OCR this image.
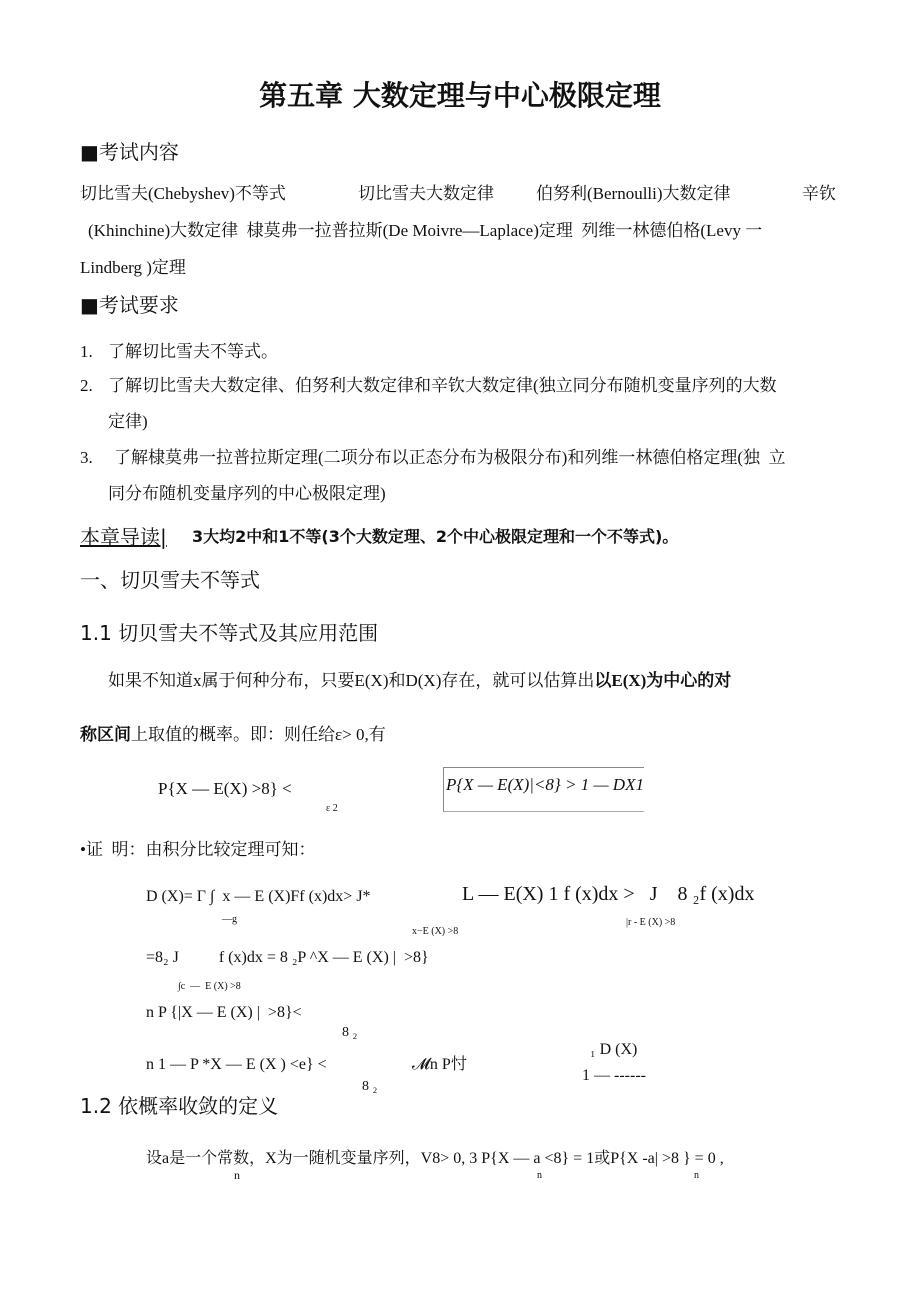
第五章 大数定理与中心极限定理
■考试内容
切比雪夫(Chebyshev)不等式	切比雪夫大数定律 伯努利(Bernoulli)大数定律	辛钦
(Khinchine)大数定律  棣莫弗一拉普拉斯(De Moivre—Laplace)定理  列维一林德伯格(Levy 一
Lindberg )定理
■考试要求
1. 了解切比雪夫不等式。
2. 了解切比雪夫大数定律、伯努利大数定律和辛钦大数定律(独立同分布随机变量序列的大数
定律)
3. 了解棣莫弗一拉普拉斯定理(二项分布以正态分布为极限分布)和列维一林德伯格定理(独  立
同分布随机变量序列的中心极限定理)
本章导读| 3大均2中和1不等(3个大数定理、2个中心极限定理和一个不等式)。
一、切贝雪夫不等式
1.1 切贝雪夫不等式及其应用范围
如果不知道x属于何种分布，只要E(X)和D(X)存在，就可以估算出以E(X)为中心的对
称区间上取值的概率。即：则任给ε> 0,有
P{X — E(X) >8} <
ε 2
P{X — E(X)|<8} > 1 — DX1
•证  明：由积分比较定理可知：
D (X)= Γ ∫  x — E (X)Ff (x)dx> J*
—g
L — E(X) 1 f (x)dx >   J    8 ₂f (x)dx
x−E (X) >8
|r - E (X) >8
=8₂ J          f (x)dx = 8 ₂P ^X — E (X) |  >8}
∫c  —  E (X) >8
n P {|X — E (X) |  >8}<
8 ₂
n 1 — P *X — E (X ) <e} <
8 ₂
𝓜n P忖
₁ D (X)
1 — ------
1.2 依概率收敛的定义
设a是一个常数，X为一随机变量序列，V8> 0, 3 P{X — a <8} = 1或P{X -a| >8 } = 0 ,
n	n	n
